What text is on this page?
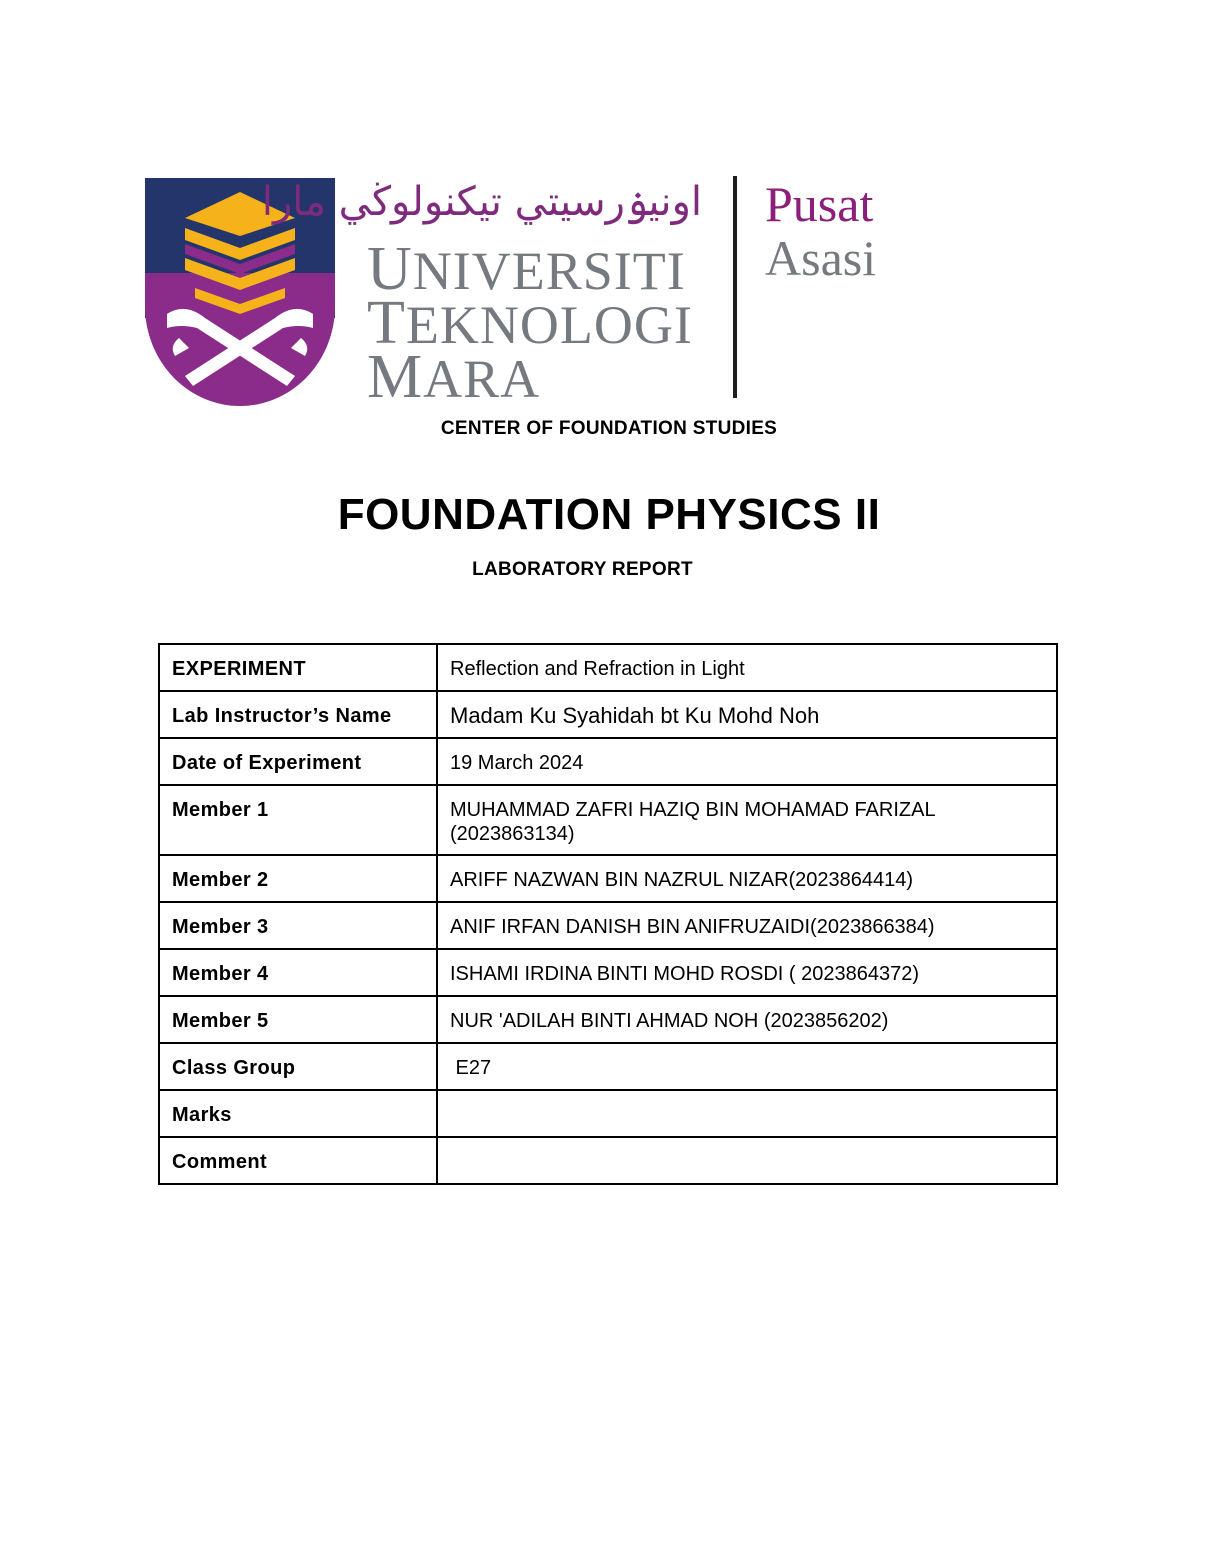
اونيۏرسيتي تيكنولوڬي مارا
UNIVERSITI
TEKNOLOGI
MARA
Pusat
Asasi
CENTER OF FOUNDATION STUDIES
FOUNDATION PHYSICS II
LABORATORY REPORT
EXPERIMENT	Reflection and Refraction in Light
Lab Instructor’s Name	Madam Ku Syahidah bt Ku Mohd Noh
Date of Experiment	19 March 2024
Member 1	MUHAMMAD ZAFRI HAZIQ BIN MOHAMAD FARIZAL (2023863134)
Member 2	ARIFF NAZWAN BIN NAZRUL NIZAR(2023864414)
Member 3	ANIF IRFAN DANISH BIN ANIFRUZAIDI(2023866384)
Member 4	ISHAMI IRDINA BINTI MOHD ROSDI ( 2023864372)
Member 5	NUR 'ADILAH BINTI AHMAD NOH (2023856202)
Class Group	E27
Marks	
Comment	
